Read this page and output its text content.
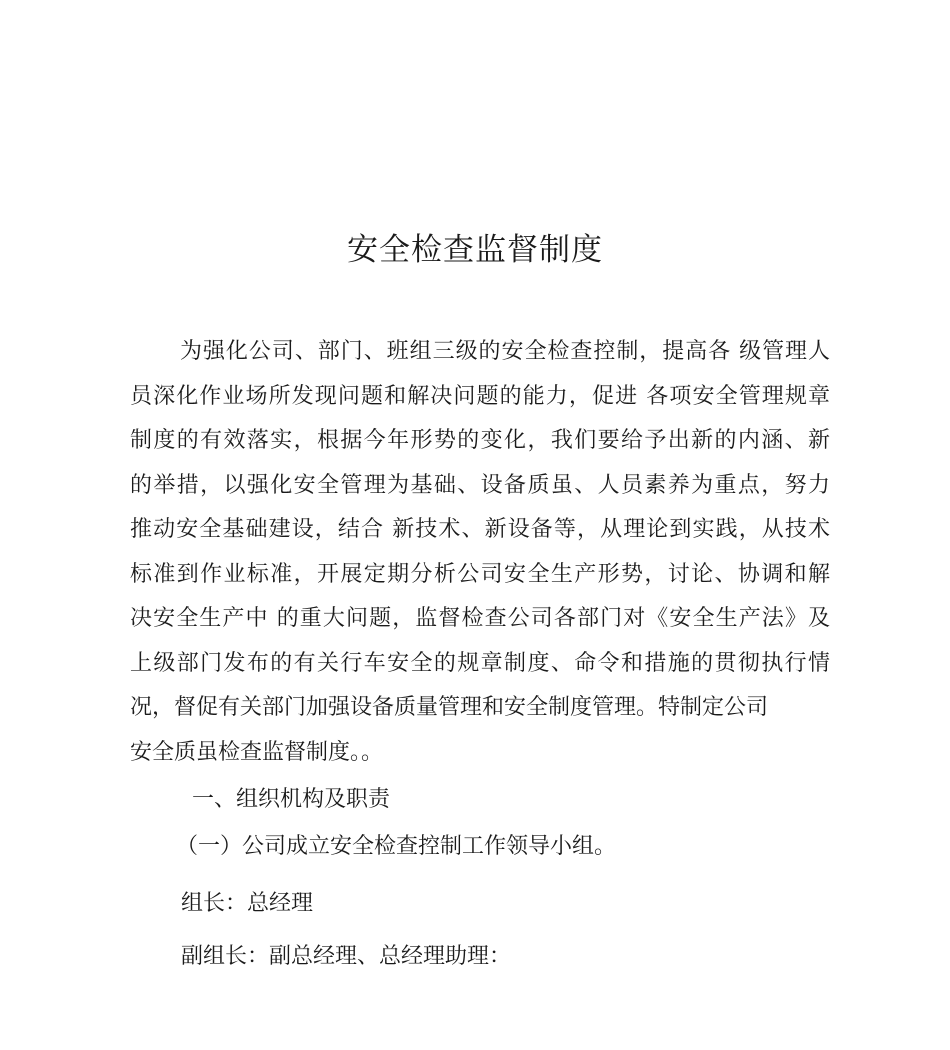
安全检查监督制度
为强化公司、部门、班组三级的安全检查控制，提高各 级管理人
员深化作业场所发现问题和解决问题的能力，促进 各项安全管理规章
制度的有效落实，根据今年形势的变化，我们要给予出新的内涵、新
的举措，以强化安全管理为基础、设备质虽、人员素养为重点，努力
推动安全基础建设，结合 新技术、新设备等，从理论到实践，从技术
标准到作业标准，开展定期分析公司安全生产形势，讨论、协调和解
决安全生产中 的重大问题，监督检查公司各部门对《安全生产法》及
上级部门发布的有关行车安全的规章制度、命令和措施的贯彻执行情
况，督促有关部门加强设备质量管理和安全制度管理。特制定公司
安全质虽检查监督制度。。
一、组织机构及职责
（一）公司成立安全检查控制工作领导小组。
组长：总经理
副组长：副总经理、总经理助理：
